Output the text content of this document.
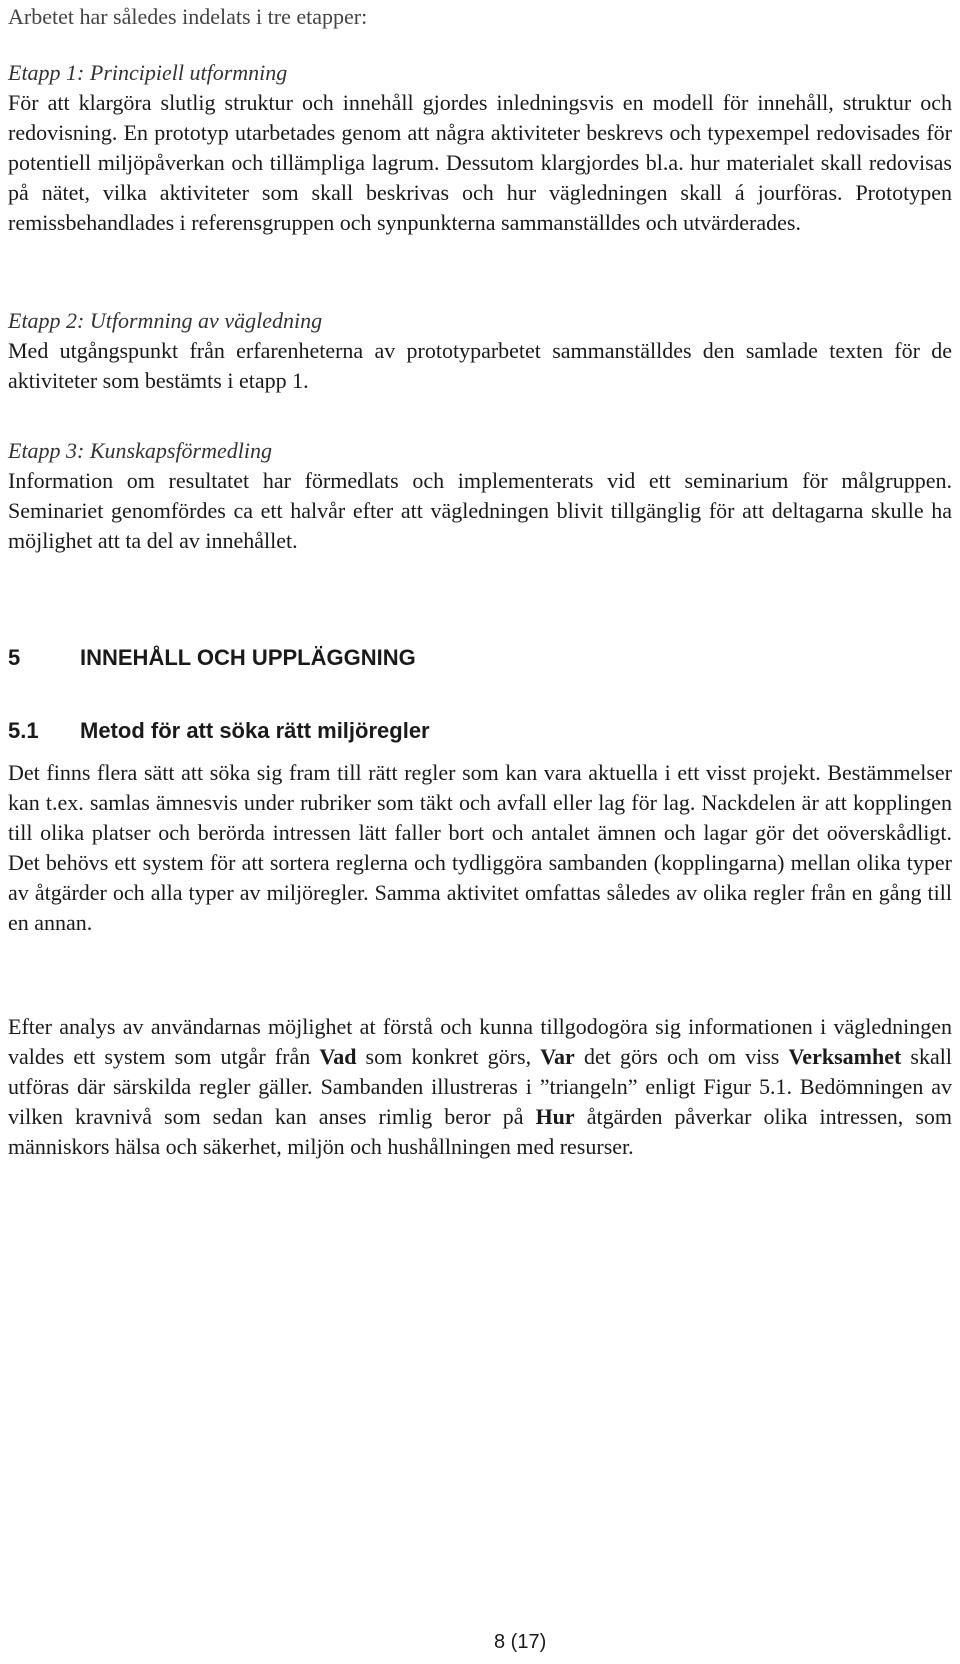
Arbetet har således indelats i tre etapper:

Etapp 1: Principiell utformning

För att klargöra slutlig struktur och innehåll gjordes inledningsvis en modell för innehåll, struktur och redovisning. En prototyp utarbetades genom att några aktiviteter beskrevs och typexempel redovisades för potentiell miljöpåverkan och tillämpliga lagrum. Dessutom klargjordes bl.a. hur materialet skall redovisas på nätet, vilka aktiviteter som skall beskrivas och hur vägledningen skall á jourföras. Prototypen remissbehandlades i referensgruppen och synpunkterna sammanställdes och utvärderades.

Etapp 2: Utformning av vägledning

Med utgångspunkt från erfarenheterna av prototyparbetet sammanställdes den samlade texten för de aktiviteter som bestämts i etapp 1.

Etapp 3: Kunskapsförmedling

Information om resultatet har förmedlats och implementerats vid ett seminarium för målgruppen. Seminariet genomfördes ca ett halvår efter att vägledningen blivit tillgänglig för att deltagarna skulle ha möjlighet att ta del av innehållet.

5	INNEHÅLL OCH UPPLÄGGNING
5.1 Metod för att söka rätt miljöregler

Det finns flera sätt att söka sig fram till rätt regler som kan vara aktuella i ett visst projekt. Bestämmelser kan t.ex. samlas ämnesvis under rubriker som täkt och avfall eller lag för lag. Nackdelen är att kopplingen till olika platser och berörda intressen lätt faller bort och antalet ämnen och lagar gör det oöverskådligt. Det behövs ett system för att sortera reglerna och tydliggöra sambanden (kopplingarna) mellan olika typer av åtgärder och alla typer av miljöregler. Samma aktivitet omfattas således av olika regler från en gång till en annan.

Efter analys av användarnas möjlighet at förstå och kunna tillgodogöra sig informationen i vägledningen valdes ett system som utgår från Vad som konkret görs, Var det görs och om viss Verksamhet skall utföras där särskilda regler gäller. Sambanden illustreras i ”triangeln” enligt Figur 5.1. Bedömningen av vilken kravnivå som sedan kan anses rimlig beror på Hur åtgärden påverkar olika intressen, som människors hälsa och säkerhet, miljön och hushållningen med resurser.

8 (17)
